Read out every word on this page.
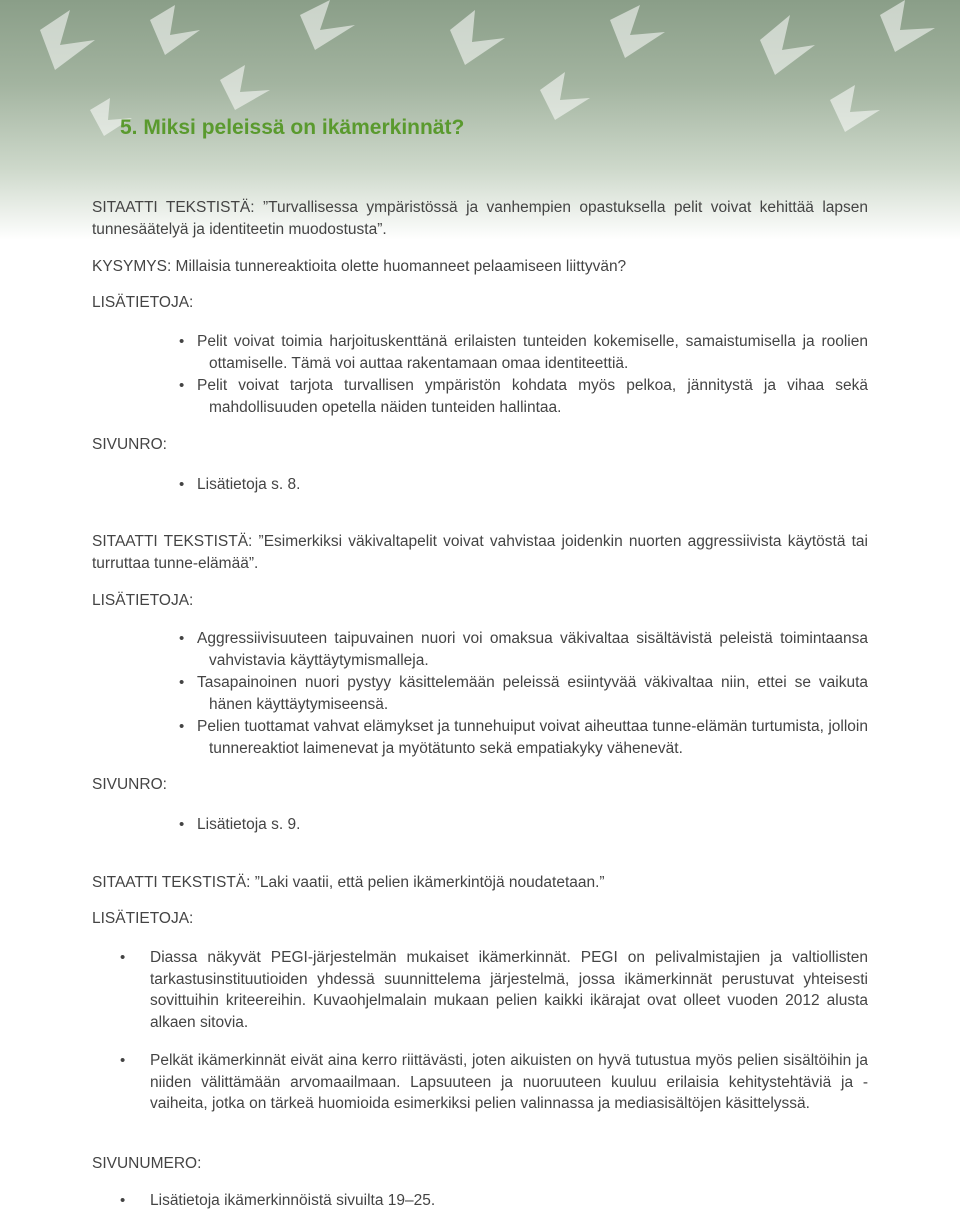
5. Miksi peleissä on ikämerkinnät?

SITAATTI TEKSTISTÄ: ”Turvallisessa ympäristössä ja vanhempien opastuksella pelit voivat kehittää lapsen tunnesäätelyä ja identiteetin muodostusta”.

KYSYMYS: Millaisia tunnereaktioita olette huomanneet pelaamiseen liittyvän?

LISÄTIETOJA:

• Pelit voivat toimia harjoituskenttänä erilaisten tunteiden kokemiselle, samaistumisella ja roolien ottamiselle. Tämä voi auttaa rakentamaan omaa identiteettiä.
• Pelit voivat tarjota turvallisen ympäristön kohdata myös pelkoa, jännitystä ja vihaa sekä mahdollisuuden opetella näiden tunteiden hallintaa.

SIVUNRO:

• Lisätietoja s. 8.

SITAATTI TEKSTISTÄ: ”Esimerkiksi väkivaltapelit voivat vahvistaa joidenkin nuorten aggressiivista käytöstä tai turruttaa tunne-elämää”.

LISÄTIETOJA:

• Aggressiivisuuteen taipuvainen nuori voi omaksua väkivaltaa sisältävistä peleistä toimintaansa vahvistavia käyttäytymismalleja.
• Tasapainoinen nuori pystyy käsittelemään peleissä esiintyvää väkivaltaa niin, ettei se vaikuta hänen käyttäytymiseensä.
• Pelien tuottamat vahvat elämykset ja tunnehuiput voivat aiheuttaa tunne-elämän turtumista, jolloin tunnereaktiot laimenevat ja myötätunto sekä empatiakyky vähenevät.

SIVUNRO:

• Lisätietoja s. 9.

SITAATTI TEKSTISTÄ: ”Laki vaatii, että pelien ikämerkintöjä noudatetaan.”

LISÄTIETOJA:

• Diassa näkyvät PEGI-järjestelmän mukaiset ikämerkinnät. PEGI on pelivalmistajien ja valtiollisten tarkastusinstituutioiden yhdessä suunnittelema järjestelmä, jossa ikämerkinnät perustuvat yhteisesti sovittuihin kriteereihin. Kuvaohjelmalain mukaan pelien kaikki ikärajat ovat olleet vuoden 2012 alusta alkaen sitovia.
• Pelkät ikämerkinnät eivät aina kerro riittävästi, joten aikuisten on hyvä tutustua myös pelien sisältöihin ja niiden välittämään arvomaailmaan. Lapsuuteen ja nuoruuteen kuuluu erilaisia kehitystehtäviä ja -vaiheita, jotka on tärkeä huomioida esimerkiksi pelien valinnassa ja mediasisältöjen käsittelyssä.

SIVUNUMERO:

• Lisätietoja ikämerkinnöistä sivuilta 19–25.
